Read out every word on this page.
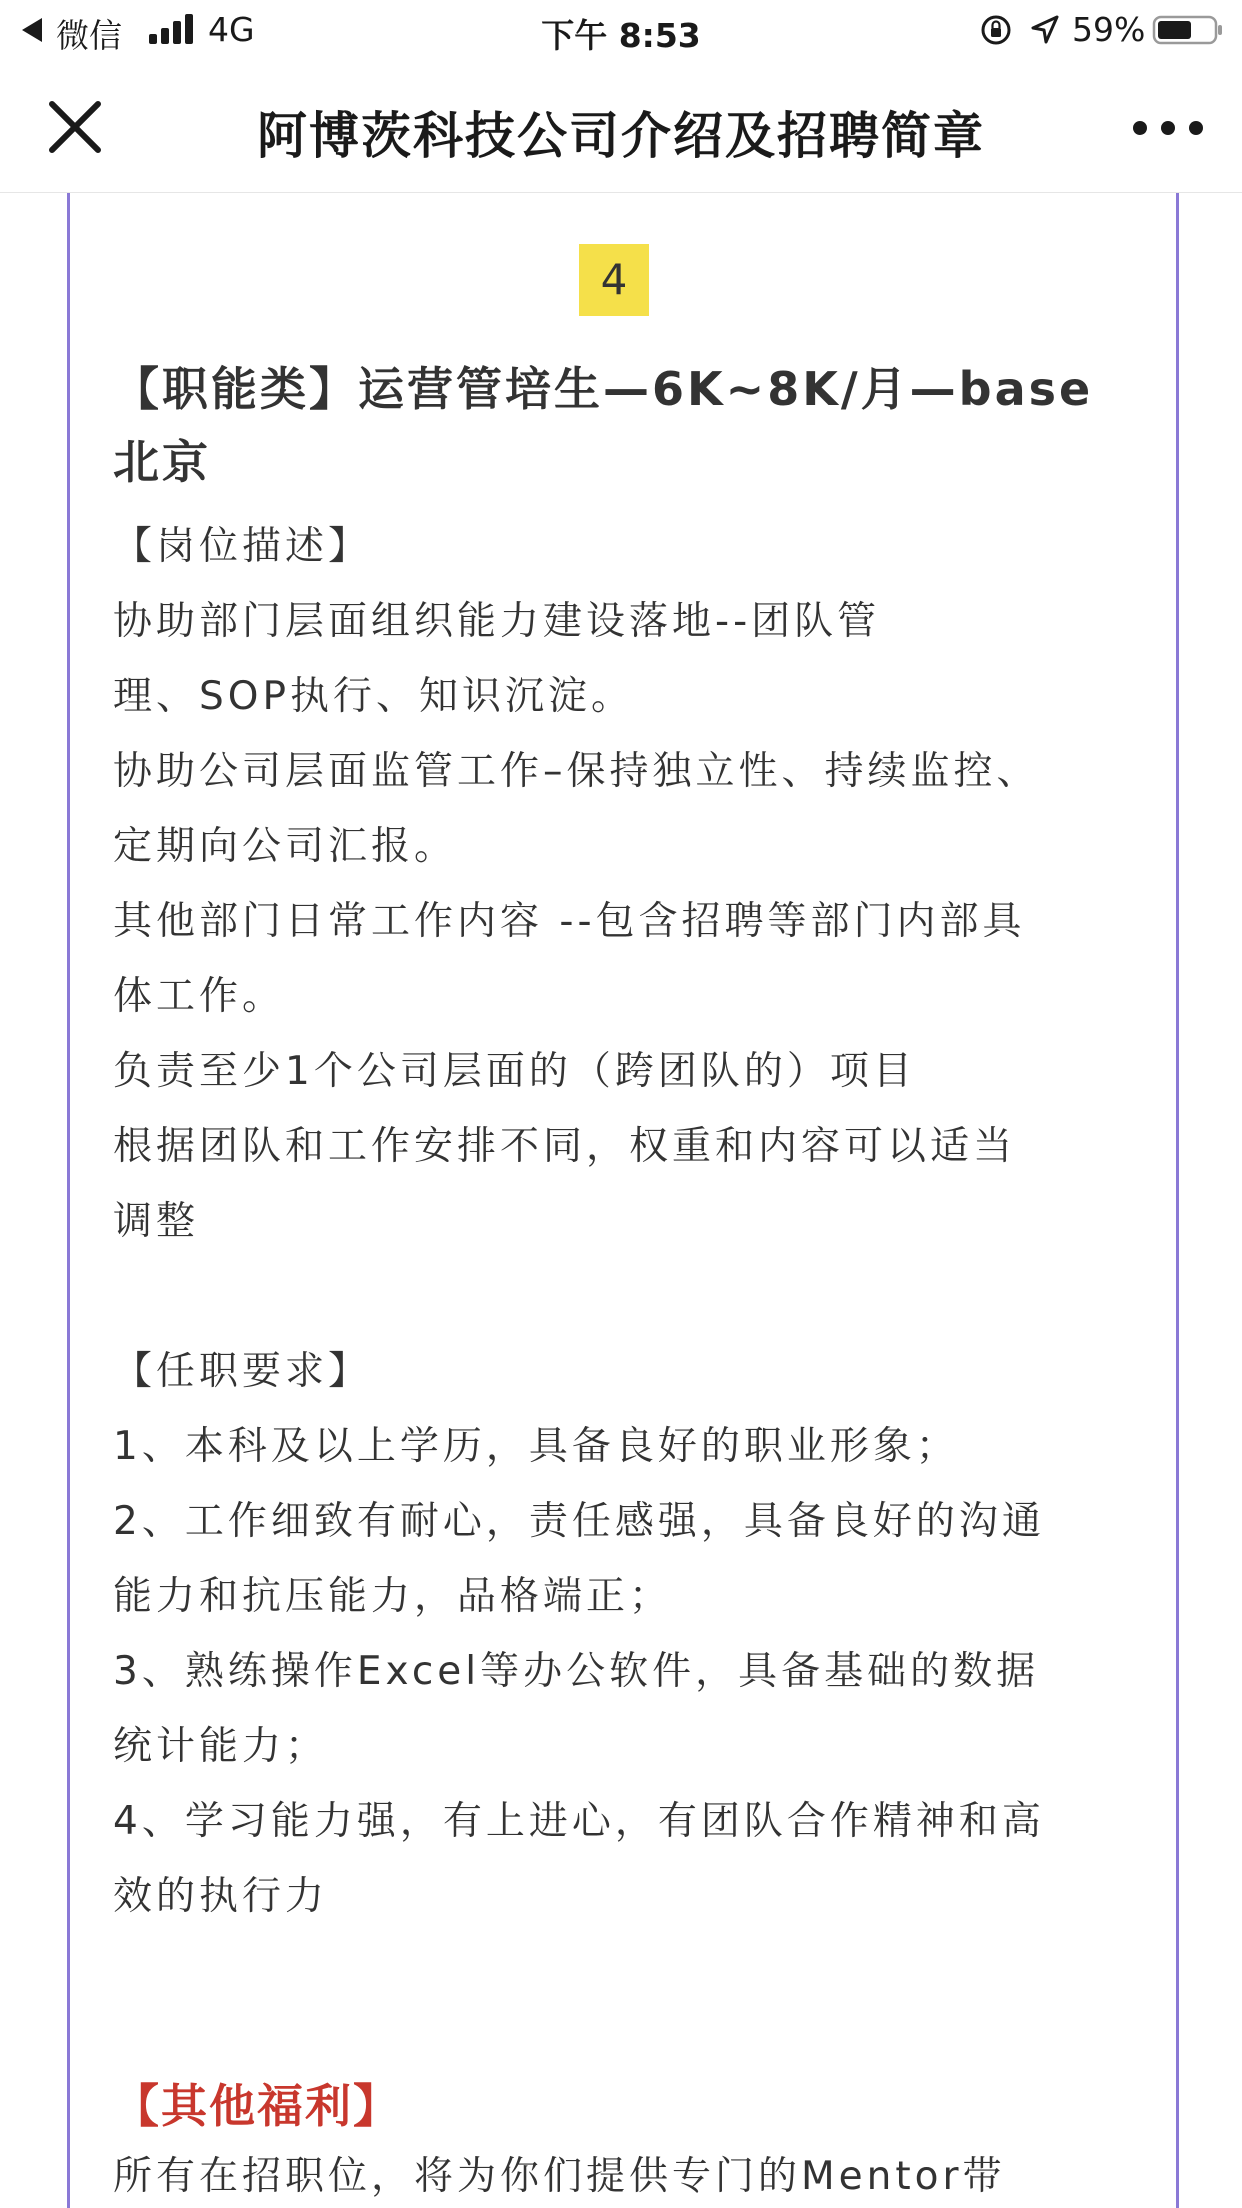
微信	4G	下午 8:53	59%
阿博茨科技公司介绍及招聘简章
4
【职能类】运营管培生—6K~8K/月—base
北京
【岗位描述】
协助部门层面组织能力建设落地--团队管
理、SOP执行、知识沉淀。
协助公司层面监管工作–保持独立性、持续监控、
定期向公司汇报。
其他部门日常工作内容 --包含招聘等部门内部具
体工作。
负责至少1个公司层面的（跨团队的）项目
根据团队和工作安排不同，权重和内容可以适当
调整
【任职要求】
1、本科及以上学历，具备良好的职业形象；
2、工作细致有耐心，责任感强，具备良好的沟通
能力和抗压能力，品格端正；
3、熟练操作Excel等办公软件，具备基础的数据
统计能力；
4、学习能力强，有上进心，有团队合作精神和高
效的执行力
【其他福利】
所有在招职位，将为你们提供专门的Mentor带
